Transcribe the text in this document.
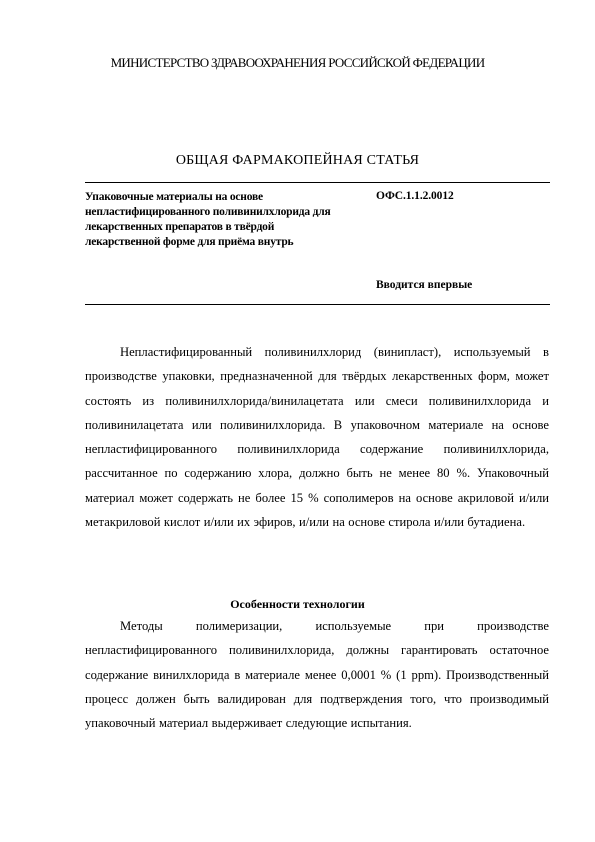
МИНИСТЕРСТВО ЗДРАВООХРАНЕНИЯ РОССИЙСКОЙ ФЕДЕРАЦИИ
ОБЩАЯ ФАРМАКОПЕЙНАЯ СТАТЬЯ
Упаковочные материалы на основе непластифицированного поливинилхлорида для лекарственных препаратов в твёрдой лекарственной форме для приёма внутрь
ОФС.1.1.2.0012
Вводится впервые

Непластифицированный поливинилхлорид (винипласт), используемый в производстве упаковки, предназначенной для твёрдых лекарственных форм, может состоять из поливинилхлорида/винилацетата или смеси поливинилхлорида и поливинилацетата или поливинилхлорида. В упаковочном материале на основе непластифицированного поливинилхлорида содержание поливинилхлорида, рассчитанное по содержанию хлора, должно быть не менее 80 %. Упаковочный материал может содержать не более 15 % сополимеров на основе акриловой и/или метакриловой кислот и/или их эфиров, и/или на основе стирола и/или бутадиена.

Особенности технологии

Методы полимеризации, используемые при производстве непластифицированного поливинилхлорида, должны гарантировать остаточное содержание винилхлорида в материале менее 0,0001 % (1 ppm). Производственный процесс должен быть валидирован для подтверждения того, что производимый упаковочный материал выдерживает следующие испытания.
